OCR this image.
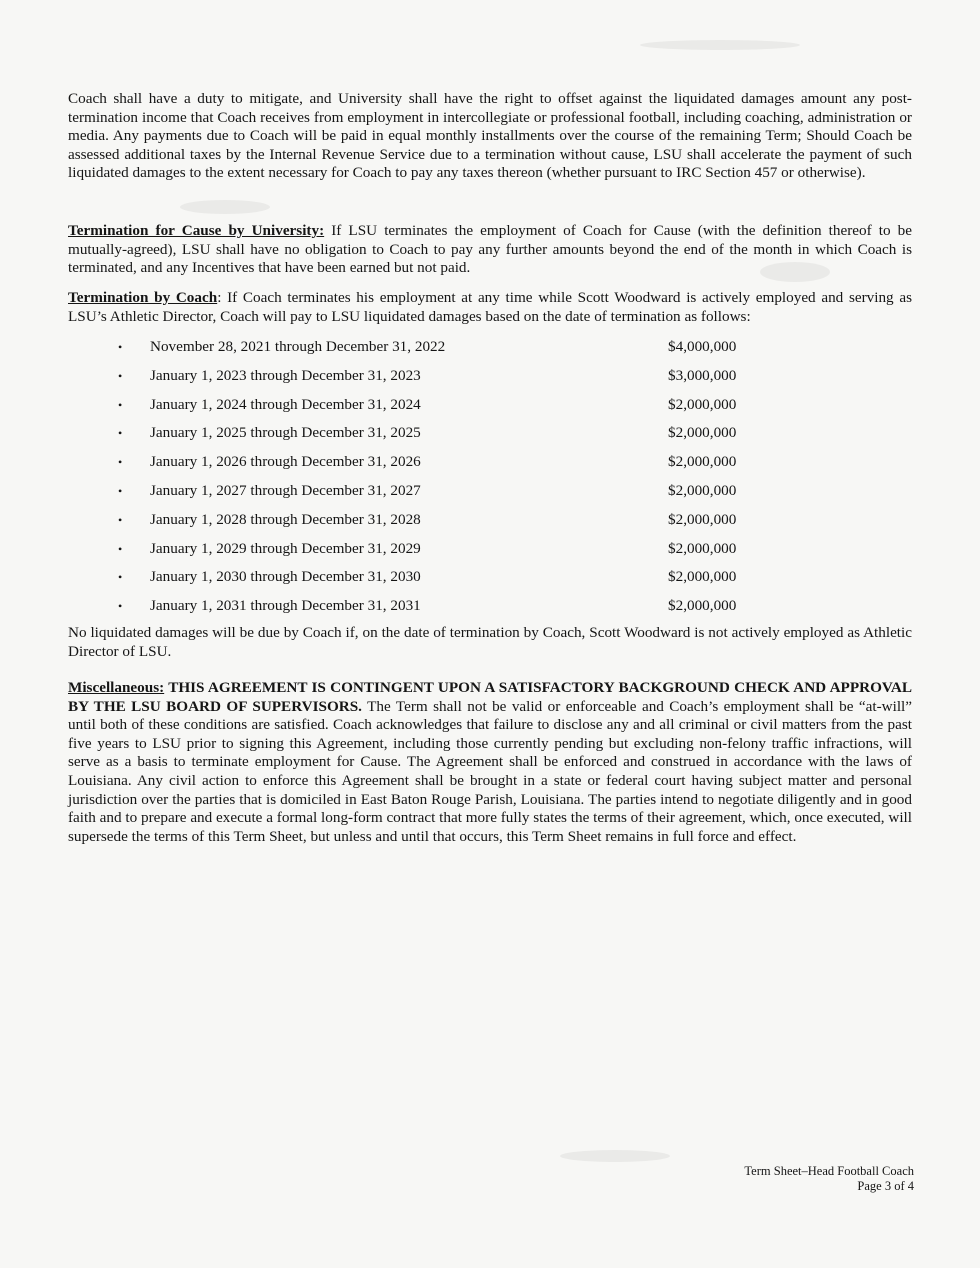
Coach shall have a duty to mitigate, and University shall have the right to offset against the liquidated damages amount any post-termination income that Coach receives from employment in intercollegiate or professional football, including coaching, administration or media. Any payments due to Coach will be paid in equal monthly installments over the course of the remaining Term; Should Coach be assessed additional taxes by the Internal Revenue Service due to a termination without cause, LSU shall accelerate the payment of such liquidated damages to the extent necessary for Coach to pay any taxes thereon (whether pursuant to IRC Section 457 or otherwise).

Termination for Cause by University: If LSU terminates the employment of Coach for Cause (with the definition thereof to be mutually-agreed), LSU shall have no obligation to Coach to pay any further amounts beyond the end of the month in which Coach is terminated, and any Incentives that have been earned but not paid.

Termination by Coach: If Coach terminates his employment at any time while Scott Woodward is actively employed and serving as LSU’s Athletic Director, Coach will pay to LSU liquidated damages based on the date of termination as follows:

•	November 28, 2021 through December 31, 2022	$4,000,000
•	January 1, 2023 through December 31, 2023	$3,000,000
•	January 1, 2024 through December 31, 2024	$2,000,000
•	January 1, 2025 through December 31, 2025	$2,000,000
•	January 1, 2026 through December 31, 2026	$2,000,000
•	January 1, 2027 through December 31, 2027	$2,000,000
•	January 1, 2028 through December 31, 2028	$2,000,000
•	January 1, 2029 through December 31, 2029	$2,000,000
•	January 1, 2030 through December 31, 2030	$2,000,000
•	January 1, 2031 through December 31, 2031	$2,000,000

No liquidated damages will be due by Coach if, on the date of termination by Coach, Scott Woodward is not actively employed as Athletic Director of LSU.

Miscellaneous: THIS AGREEMENT IS CONTINGENT UPON A SATISFACTORY BACKGROUND CHECK AND APPROVAL BY THE LSU BOARD OF SUPERVISORS. The Term shall not be valid or enforceable and Coach’s employment shall be “at-will” until both of these conditions are satisfied. Coach acknowledges that failure to disclose any and all criminal or civil matters from the past five years to LSU prior to signing this Agreement, including those currently pending but excluding non-felony traffic infractions, will serve as a basis to terminate employment for Cause. The Agreement shall be enforced and construed in accordance with the laws of Louisiana. Any civil action to enforce this Agreement shall be brought in a state or federal court having subject matter and personal jurisdiction over the parties that is domiciled in East Baton Rouge Parish, Louisiana. The parties intend to negotiate diligently and in good faith and to prepare and execute a formal long-form contract that more fully states the terms of their agreement, which, once executed, will supersede the terms of this Term Sheet, but unless and until that occurs, this Term Sheet remains in full force and effect.

Term Sheet–Head Football Coach
Page 3 of 4
